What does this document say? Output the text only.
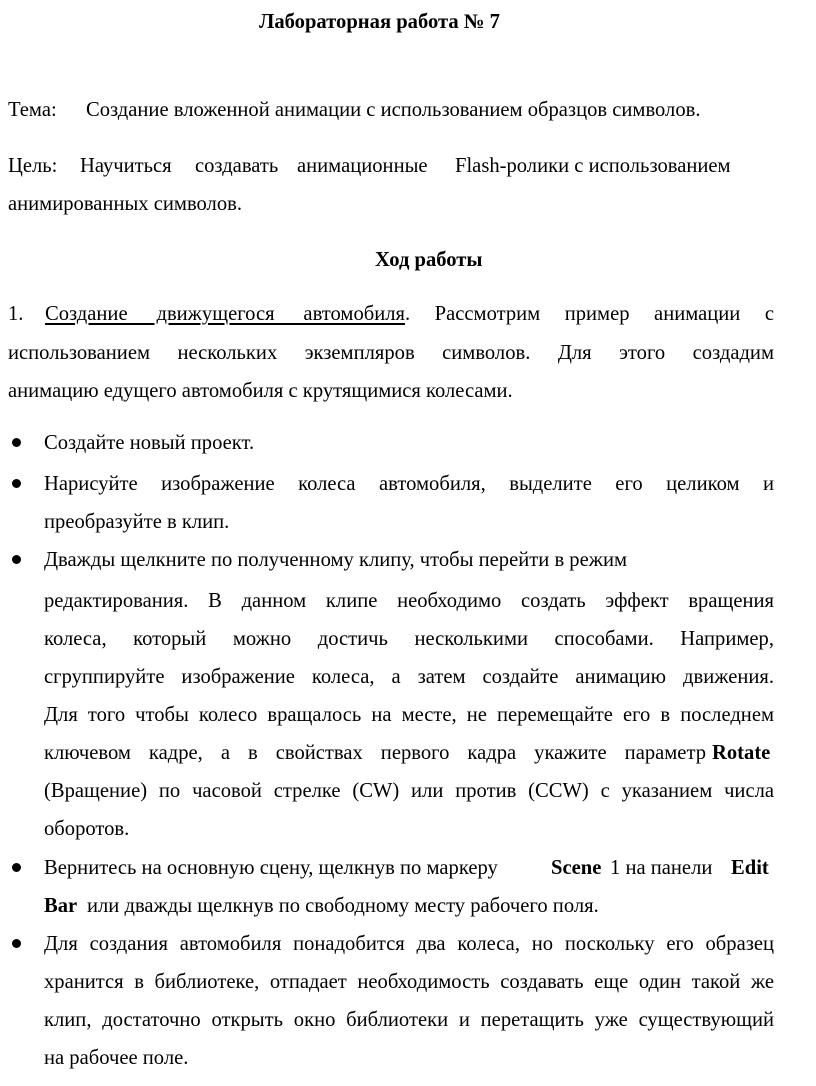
Лабораторная работа № 7
Тема: Создание вложенной анимации с использованием образцов символов.
Цель: Научиться создавать анимационные Flash-ролики с использованием
анимированных символов.
Ход работы
1. Создание движущегося автомобиля . Рассмотрим пример анимации с
использованием нескольких экземпляров символов. Для этого создадим
анимацию едущего автомобиля с крутящимися колесами.
Создайте новый проект.
Нарисуйте изображение колеса автомобиля, выделите его целиком и
преобразуйте в клип.
Дважды щелкните по полученному клипу, чтобы перейти в режим
редактирования. В данном клипе необходимо создать эффект вращения
колеса, который можно достичь несколькими способами. Например,
сгруппируйте изображение колеса, а затем создайте анимацию движения.
Для того чтобы колесо вращалось на месте, не перемещайте его в последнем
ключевом кадре, а в свойствах первого кадра укажите параметр Rotate
(Вращение) по часовой стрелке (CW) или против (CCW) с указанием числа
оборотов.
Вернитесь на основную сцену, щелкнув по маркеру	Scene 1 на панели Edit
Bar или дважды щелкнув по свободному месту рабочего поля.
Для создания автомобиля понадобится два колеса, но поскольку его образец
хранится в библиотеке, отпадает необходимость создавать еще один такой же
клип, достаточно открыть окно библиотеки и перетащить уже существующий
на рабочее поле.
